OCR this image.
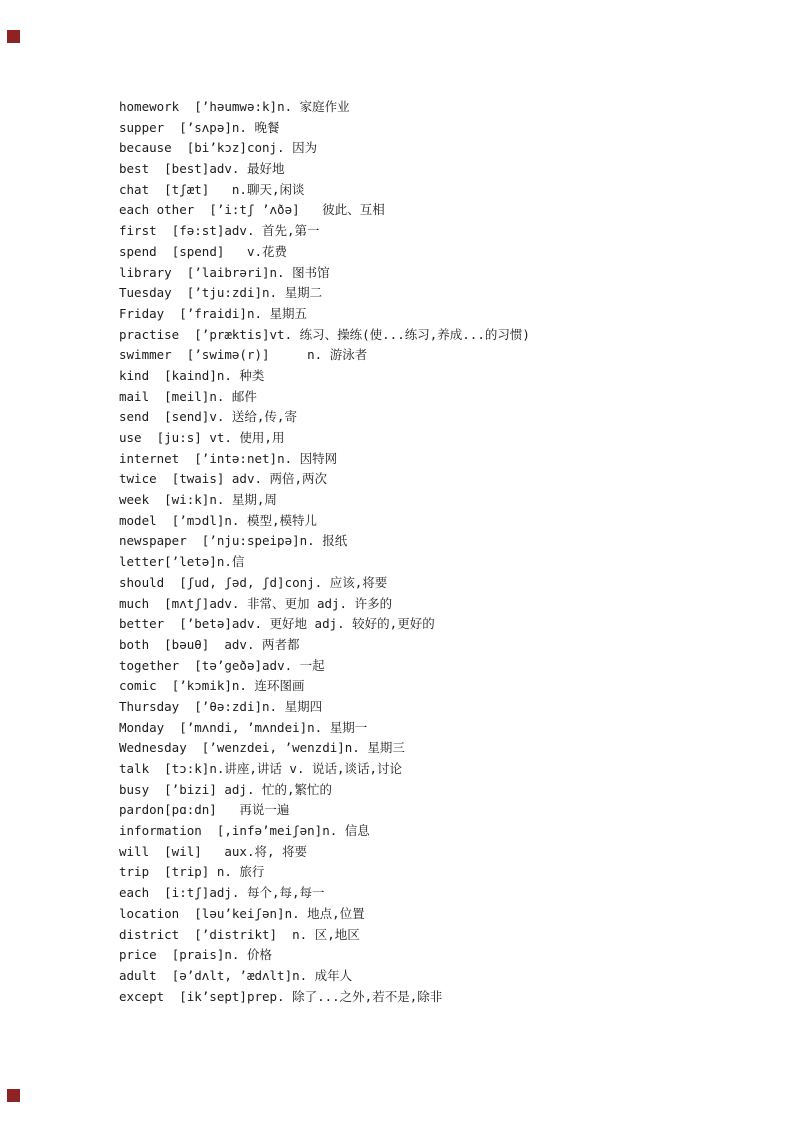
homework  [’həumwə:k]n. 家庭作业
supper  [’sʌpə]n. 晚餐
because  [bi’kɔz]conj. 因为
best  [best]adv. 最好地
chat  [tʃæt]   n.聊天,闲谈
each other  [’i:tʃ ’ʌðə]   彼此、互相
first  [fə:st]adv. 首先,第一
spend  [spend]   v.花费
library  [’laibrəri]n. 图书馆
Tuesday  [’tju:zdi]n. 星期二
Friday  [’fraidi]n. 星期五
practise  [’præktis]vt. 练习、操练(使...练习,养成...的习惯)
swimmer  [’swimə(r)]     n. 游泳者
kind  [kaind]n. 种类
mail  [meil]n. 邮件
send  [send]v. 送给,传,寄
use  [ju:s] vt. 使用,用
internet  [’intə:net]n. 因特网
twice  [twais] adv. 两倍,两次
week  [wi:k]n. 星期,周
model  [’mɔdl]n. 模型,模特儿
newspaper  [’nju:speipə]n. 报纸
letter[’letə]n.信
should  [ʃud, ʃəd, ʃd]conj. 应该,将要
much  [mʌtʃ]adv. 非常、更加 adj. 许多的
better  [’betə]adv. 更好地 adj. 较好的,更好的
both  [bəuθ]  adv. 两者都
together  [tə’geðə]adv. 一起
comic  [’kɔmik]n. 连环图画
Thursday  [’θə:zdi]n. 星期四
Monday  [’mʌndi, ’mʌndei]n. 星期一
Wednesday  [’wenzdei, ’wenzdi]n. 星期三
talk  [tɔ:k]n.讲座,讲话 v. 说话,谈话,讨论
busy  [’bizi] adj. 忙的,繁忙的
pardon[pɑ:dn]   再说一遍
information  [,infə’meiʃən]n. 信息
will  [wil]   aux.将, 将要
trip  [trip] n. 旅行
each  [i:tʃ]adj. 每个,每,每一
location  [ləu’keiʃən]n. 地点,位置
district  [’distrikt]  n. 区,地区
price  [prais]n. 价格
adult  [ə’dʌlt, ’ædʌlt]n. 成年人
except  [ik’sept]prep. 除了...之外,若不是,除非
